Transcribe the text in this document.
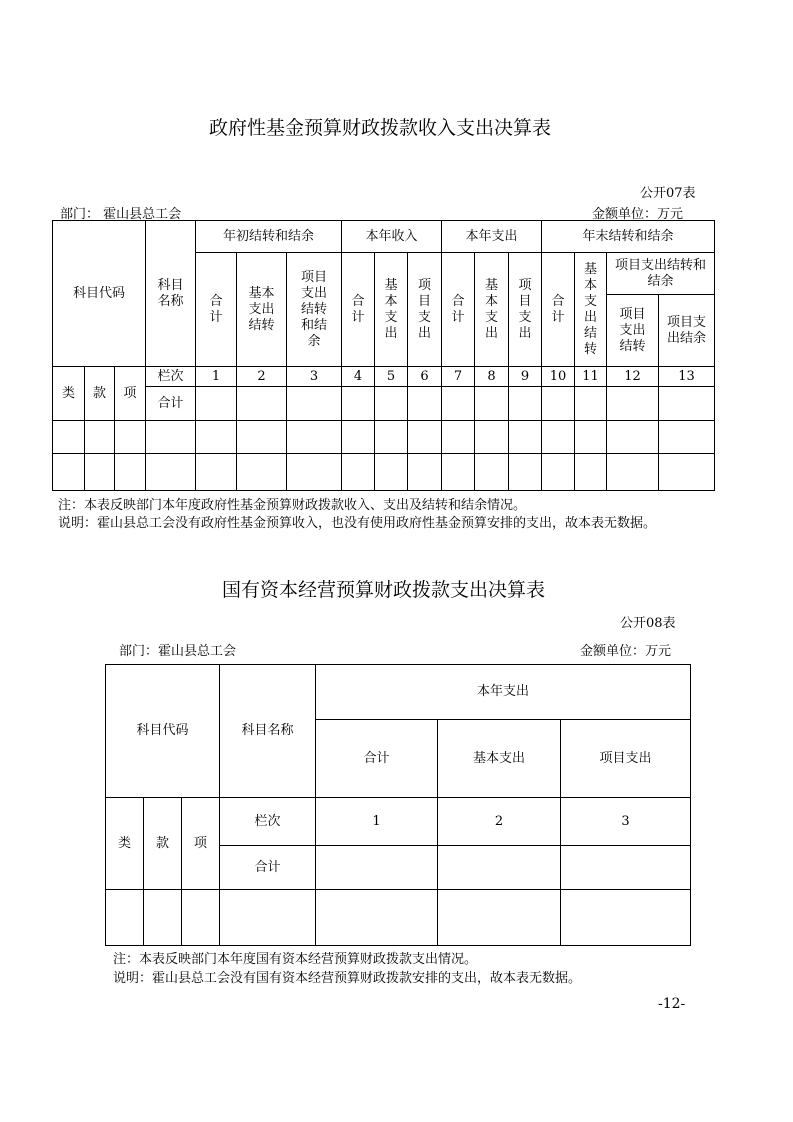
政府性基金预算财政拨款收入支出决算表
公开07表
部门： 霍山县总工会	金额单位：万元
科目代码			科目名称	年初结转和结余			本年收入			本年支出			年末结转和结余			
				合计	基本支出结转	项目支出结转和结余	合计	基本支出	项目支出	合计	基本支出	项目支出	合计	基本支出结转	项目支出结转和结余	
															项目支出结转	项目支出结余
类	款	项	栏次	1	2	3	4	5	6	7	8	9	10	11	12	13
			合计													

注：本表反映部门本年度政府性基金预算财政拨款收入、支出及结转和结余情况。
说明：霍山县总工会没有政府性基金预算收入，也没有使用政府性基金预算安排的支出，故本表无数据。
国有资本经营预算财政拨款支出决算表
公开08表
部门：霍山县总工会	金额单位：万元
科目代码			科目名称	本年支出		
				合计	基本支出	项目支出
类	款	项	栏次	1	2	3
			合计			

注：本表反映部门本年度国有资本经营预算财政拨款支出情况。
说明：霍山县总工会没有国有资本经营预算财政拨款安排的支出，故本表无数据。
-12-
